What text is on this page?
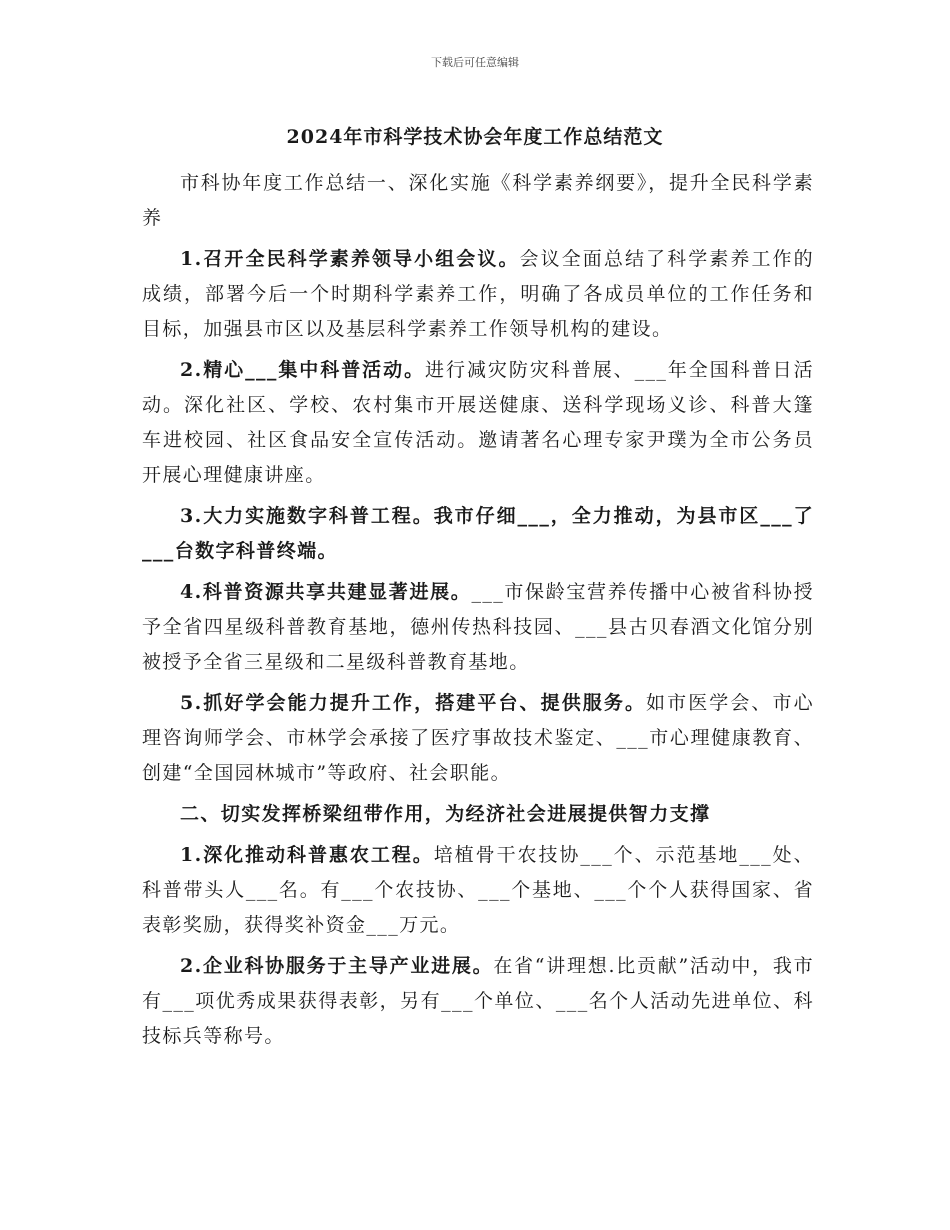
下载后可任意编辑
2024年市科学技术协会年度工作总结范文

市科协年度工作总结一、深化实施《科学素养纲要》，提升全民科学素养

1.召开全民科学素养领导小组会议。会议全面总结了科学素养工作的成绩，部署今后一个时期科学素养工作，明确了各成员单位的工作任务和目标，加强县市区以及基层科学素养工作领导机构的建设。

2.精心___集中科普活动。进行减灾防灾科普展、___年全国科普日活动。深化社区、学校、农村集市开展送健康、送科学现场义诊、科普大篷车进校园、社区食品安全宣传活动。邀请著名心理专家尹璞为全市公务员开展心理健康讲座。

3.大力实施数字科普工程。我市仔细___，全力推动，为县市区___了___台数字科普终端。

4.科普资源共享共建显著进展。___市保龄宝营养传播中心被省科协授予全省四星级科普教育基地，德州传热科技园、___县古贝春酒文化馆分别被授予全省三星级和二星级科普教育基地。

5.抓好学会能力提升工作，搭建平台、提供服务。如市医学会、市心理咨询师学会、市林学会承接了医疗事故技术鉴定、___市心理健康教育、创建“全国园林城市”等政府、社会职能。

二、切实发挥桥梁纽带作用，为经济社会进展提供智力支撑

1.深化推动科普惠农工程。培植骨干农技协___个、示范基地___处、科普带头人___名。有___个农技协、___个基地、___个个人获得国家、省表彰奖励，获得奖补资金___万元。

2.企业科协服务于主导产业进展。在省“讲理想.比贡献”活动中，我市有___项优秀成果获得表彰，另有___个单位、___名个人活动先进单位、科技标兵等称号。
